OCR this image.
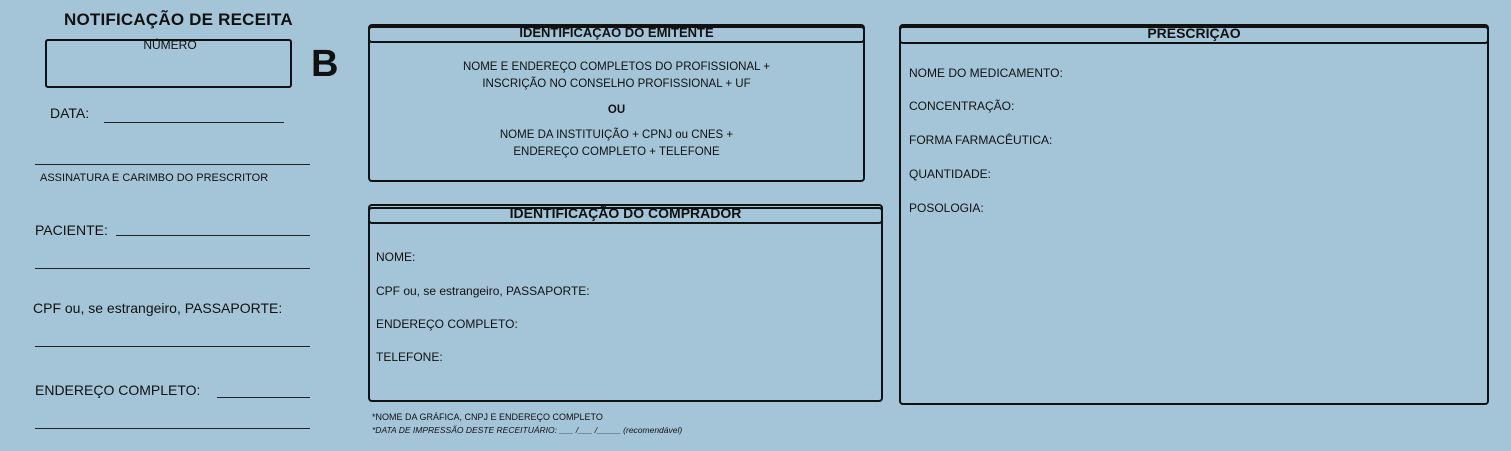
NOTIFICAÇÃO DE RECEITA
NÚMERO	B
DATA:
ASSINATURA E CARIMBO DO PRESCRITOR
PACIENTE:
CPF ou, se estrangeiro, PASSAPORTE:
ENDEREÇO COMPLETO:
IDENTIFICAÇÃO DO EMITENTE
NOME E ENDEREÇO COMPLETOS DO PROFISSIONAL +
INSCRIÇÃO NO CONSELHO PROFISSIONAL + UF
OU
NOME DA INSTITUIÇÃO + CPNJ ou CNES +
ENDEREÇO COMPLETO + TELEFONE
IDENTIFICAÇÃO DO COMPRADOR
NOME:
CPF ou, se estrangeiro, PASSAPORTE:
ENDEREÇO COMPLETO:
TELEFONE:
*NOME DA GRÁFICA, CNPJ E ENDEREÇO COMPLETO
*DATA DE IMPRESSÃO DESTE RECEITUÁRIO: ___ /___ /_____ (recomendável)
PRESCRIÇÃO
NOME DO MEDICAMENTO:
CONCENTRAÇÃO:
FORMA FARMACÊUTICA:
QUANTIDADE:
POSOLOGIA:
